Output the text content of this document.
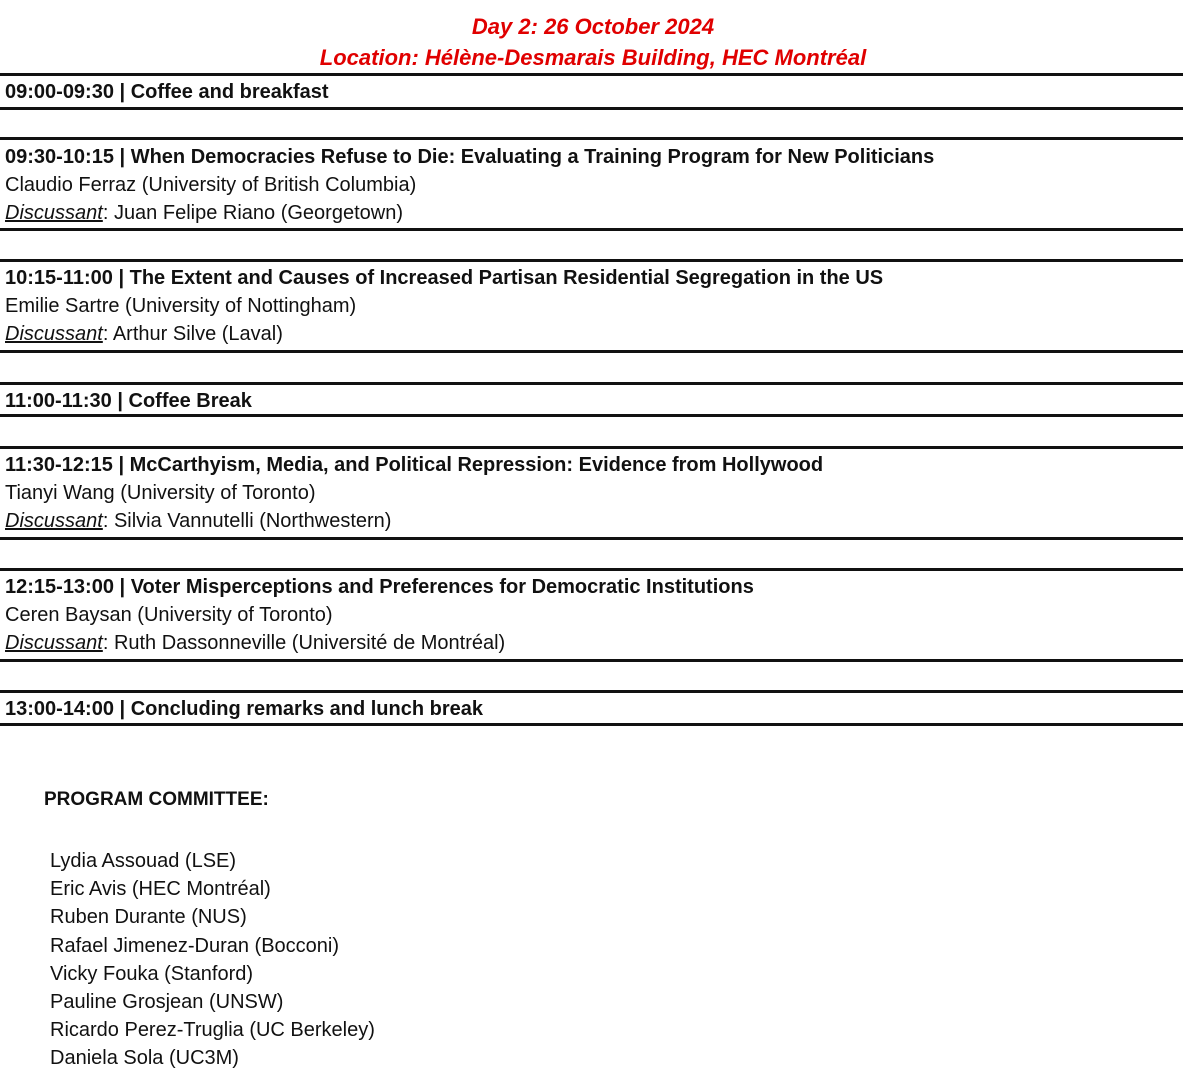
Day 2: 26 October 2024
Location: Hélène-Desmarais Building, HEC Montréal
09:00-09:30 | Coffee and breakfast
09:30-10:15 | When Democracies Refuse to Die: Evaluating a Training Program for New Politicians
Claudio Ferraz (University of British Columbia)
Discussant: Juan Felipe Riano (Georgetown)
10:15-11:00 | The Extent and Causes of Increased Partisan Residential Segregation in the US
Emilie Sartre (University of Nottingham)
Discussant: Arthur Silve (Laval)
11:00-11:30 | Coffee Break
11:30-12:15 | McCarthyism, Media, and Political Repression: Evidence from Hollywood
Tianyi Wang (University of Toronto)
Discussant: Silvia Vannutelli (Northwestern)
12:15-13:00 | Voter Misperceptions and Preferences for Democratic Institutions
Ceren Baysan (University of Toronto)
Discussant: Ruth Dassonneville (Université de Montréal)
13:00-14:00 | Concluding remarks and lunch break
PROGRAM COMMITTEE:
Lydia Assouad (LSE)
Eric Avis (HEC Montréal)
Ruben Durante (NUS)
Rafael Jimenez-Duran (Bocconi)
Vicky Fouka (Stanford)
Pauline Grosjean (UNSW)
Ricardo Perez-Truglia (UC Berkeley)
Daniela Sola (UC3M)
